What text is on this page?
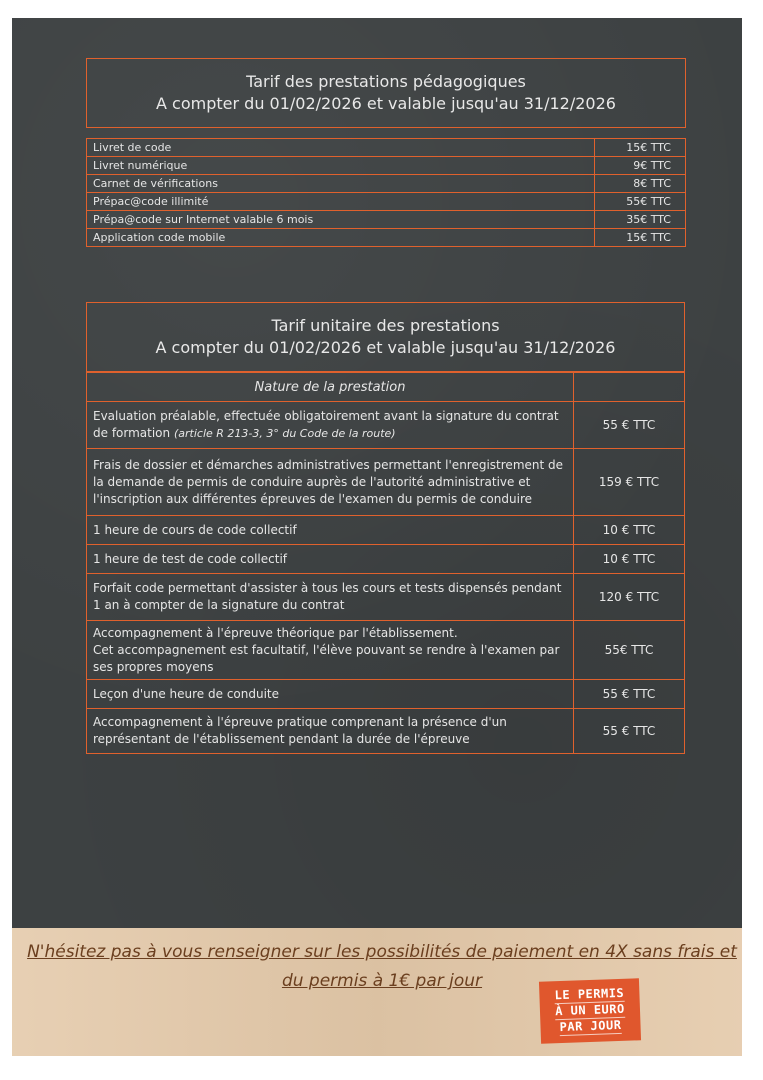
Tarif des prestations pédagogiques
A compter du 01/02/2026 et valable jusqu'au 31/12/2026
Livret de code	15€ TTC
Livret numérique	9€ TTC
Carnet de vérifications	8€ TTC
Prépac@code illimité	55€ TTC
Prépa@code sur Internet valable 6 mois	35€ TTC
Application code mobile	15€ TTC
Tarif unitaire des prestations
A compter du 01/02/2026 et valable jusqu'au 31/12/2026
Nature de la prestation	
Evaluation préalable, effectuée obligatoirement avant la signature du contrat de formation (article R 213-3, 3° du Code de la route)	55 € TTC
Frais de dossier et démarches administratives permettant l'enregistrement de la demande de permis de conduire auprès de l'autorité administrative et l'inscription aux différentes épreuves de l'examen du permis de conduire	159 € TTC
1 heure de cours de code collectif	10 € TTC
1 heure de test de code collectif	10 € TTC
Forfait code permettant d'assister à tous les cours et tests dispensés pendant 1 an à compter de la signature du contrat	120 € TTC

Accompagnement à l'épreuve théorique par l'établissement.
Cet accompagnement est facultatif, l'élève pouvant se rendre à l'examen par ses propres moyens	55€ TTC
Leçon d'une heure de conduite	55 € TTC
Accompagnement à l'épreuve pratique comprenant la présence d'un représentant de l'établissement pendant la durée de l'épreuve	55 € TTC
N'hésitez pas à vous renseigner sur les possibilités de paiement en 4X sans frais et
du permis à 1€ par jour
LE PERMIS
À UN EURO
PAR JOUR
